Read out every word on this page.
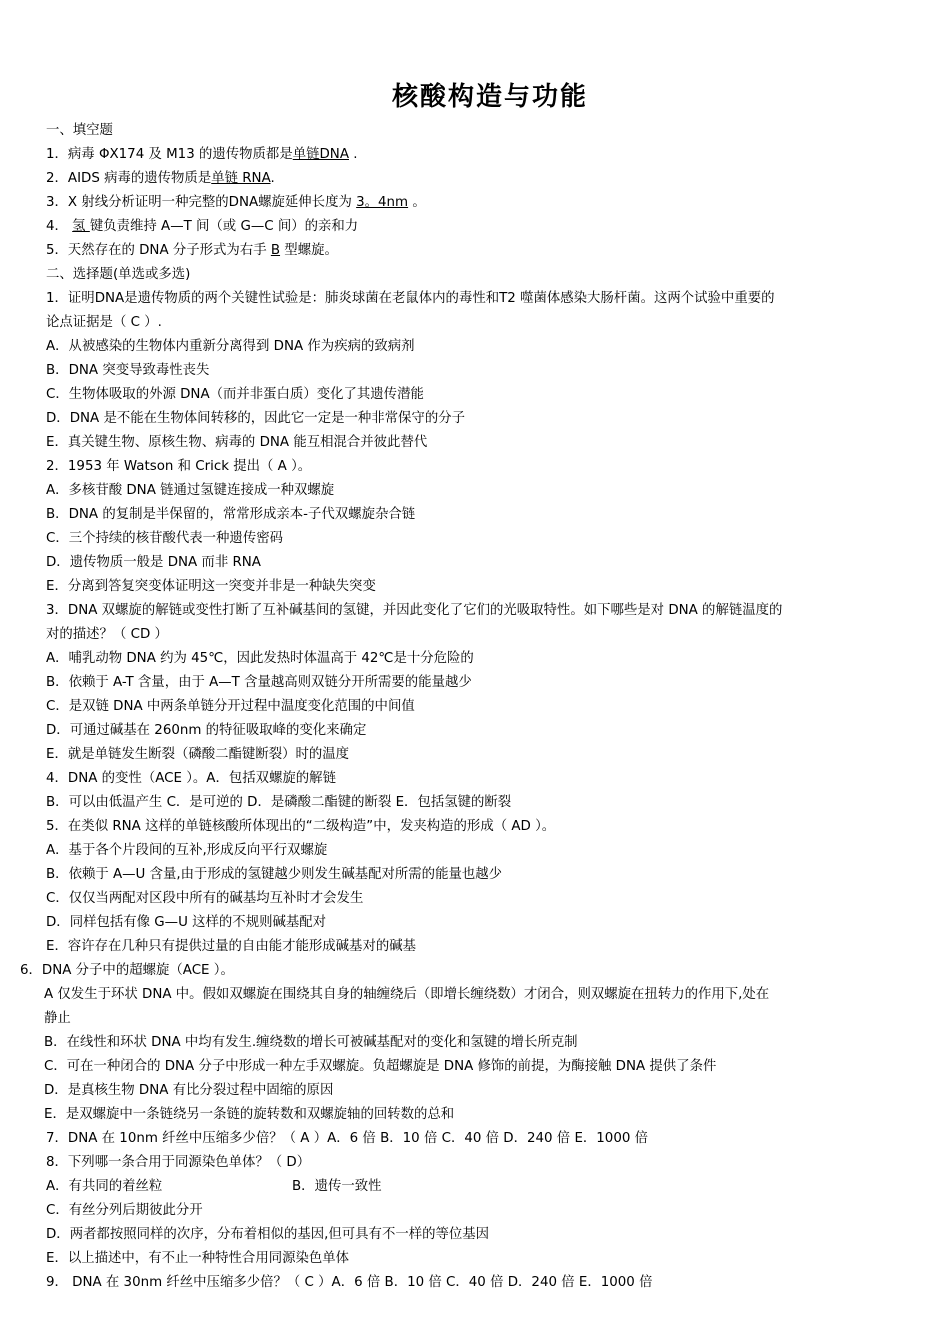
核酸构造与功能
一、填空题
1．病毒 ΦX174 及 M13 的遗传物质都是单链DNA .
2．AIDS 病毒的遗传物质是单链 RNA.
3．X 射线分析证明一种完整的DNA螺旋延伸长度为 3。4nm 。
4． 氢 键负责维持 A—T 间（或 G—C 间）的亲和力
5．天然存在的 DNA 分子形式为右手 B 型螺旋。
二、选择题(单选或多选)
1．证明DNA是遗传物质的两个关键性试验是：肺炎球菌在老鼠体内的毒性和T2 噬菌体感染大肠杆菌。这两个试验中重要的
论点证据是（ C ）.
A．从被感染的生物体内重新分离得到 DNA 作为疾病的致病剂
B．DNA 突变导致毒性丧失
C．生物体吸取的外源 DNA（而并非蛋白质）变化了其遗传潜能
D．DNA 是不能在生物体间转移的，因此它一定是一种非常保守的分子
E．真关键生物、原核生物、病毒的 DNA 能互相混合并彼此替代
2．1953 年 Watson 和 Crick 提出（ A ）。
A．多核苷酸 DNA 链通过氢键连接成一种双螺旋
B．DNA 的复制是半保留的，常常形成亲本-子代双螺旋杂合链
C．三个持续的核苷酸代表一种遗传密码
D．遗传物质一般是 DNA 而非 RNA
E．分离到答复突变体证明这一突变并非是一种缺失突变
3．DNA 双螺旋的解链或变性打断了互补碱基间的氢键，并因此变化了它们的光吸取特性。如下哪些是对 DNA 的解链温度的
对的描述？（ CD ）
A．哺乳动物 DNA 约为 45℃，因此发热时体温高于 42℃是十分危险的
B．依赖于 A-T 含量，由于 A—T 含量越高则双链分开所需要的能量越少
C．是双链 DNA 中两条单链分开过程中温度变化范围的中间值
D．可通过碱基在 260nm 的特征吸取峰的变化来确定
E．就是单链发生断裂（磷酸二酯键断裂）时的温度
4．DNA 的变性（ACE ）。A．包括双螺旋的解链
B．可以由低温产生 C．是可逆的 D．是磷酸二酯键的断裂 E．包括氢键的断裂
5．在类似 RNA 这样的单链核酸所体现出的“二级构造”中，发夹构造的形成（ AD ）。
A．基于各个片段间的互补,形成反向平行双螺旋
B．依赖于 A—U 含量,由于形成的氢键越少则发生碱基配对所需的能量也越少
C．仅仅当两配对区段中所有的碱基均互补时才会发生
D．同样包括有像 G—U 这样的不规则碱基配对
E．容许存在几种只有提供过量的自由能才能形成碱基对的碱基
6．DNA 分子中的超螺旋（ACE ）。
A 仅发生于环状 DNA 中。假如双螺旋在围绕其自身的轴缠绕后（即增长缠绕数）才闭合，则双螺旋在扭转力的作用下,处在
静止
B．在线性和环状 DNA 中均有发生.缠绕数的增长可被碱基配对的变化和氢键的增长所克制
C．可在一种闭合的 DNA 分子中形成一种左手双螺旋。负超螺旋是 DNA 修饰的前提，为酶接触 DNA 提供了条件
D．是真核生物 DNA 有比分裂过程中固缩的原因
E．是双螺旋中一条链绕另一条链的旋转数和双螺旋轴的回转数的总和
7．DNA 在 10nm 纤丝中压缩多少倍？（ A ）A．6 倍 B．10 倍 C．40 倍 D．240 倍 E．1000 倍
8．下列哪一条合用于同源染色单体？（ D）
A．有共同的着丝粒	B．遗传一致性
C．有丝分列后期彼此分开
D．两者都按照同样的次序，分布着相似的基因,但可具有不一样的等位基因
E．以上描述中，有不止一种特性合用同源染色单体
9． DNA 在 30nm 纤丝中压缩多少倍？（ C ）A．6 倍 B．10 倍 C．40 倍 D．240 倍 E．1000 倍
